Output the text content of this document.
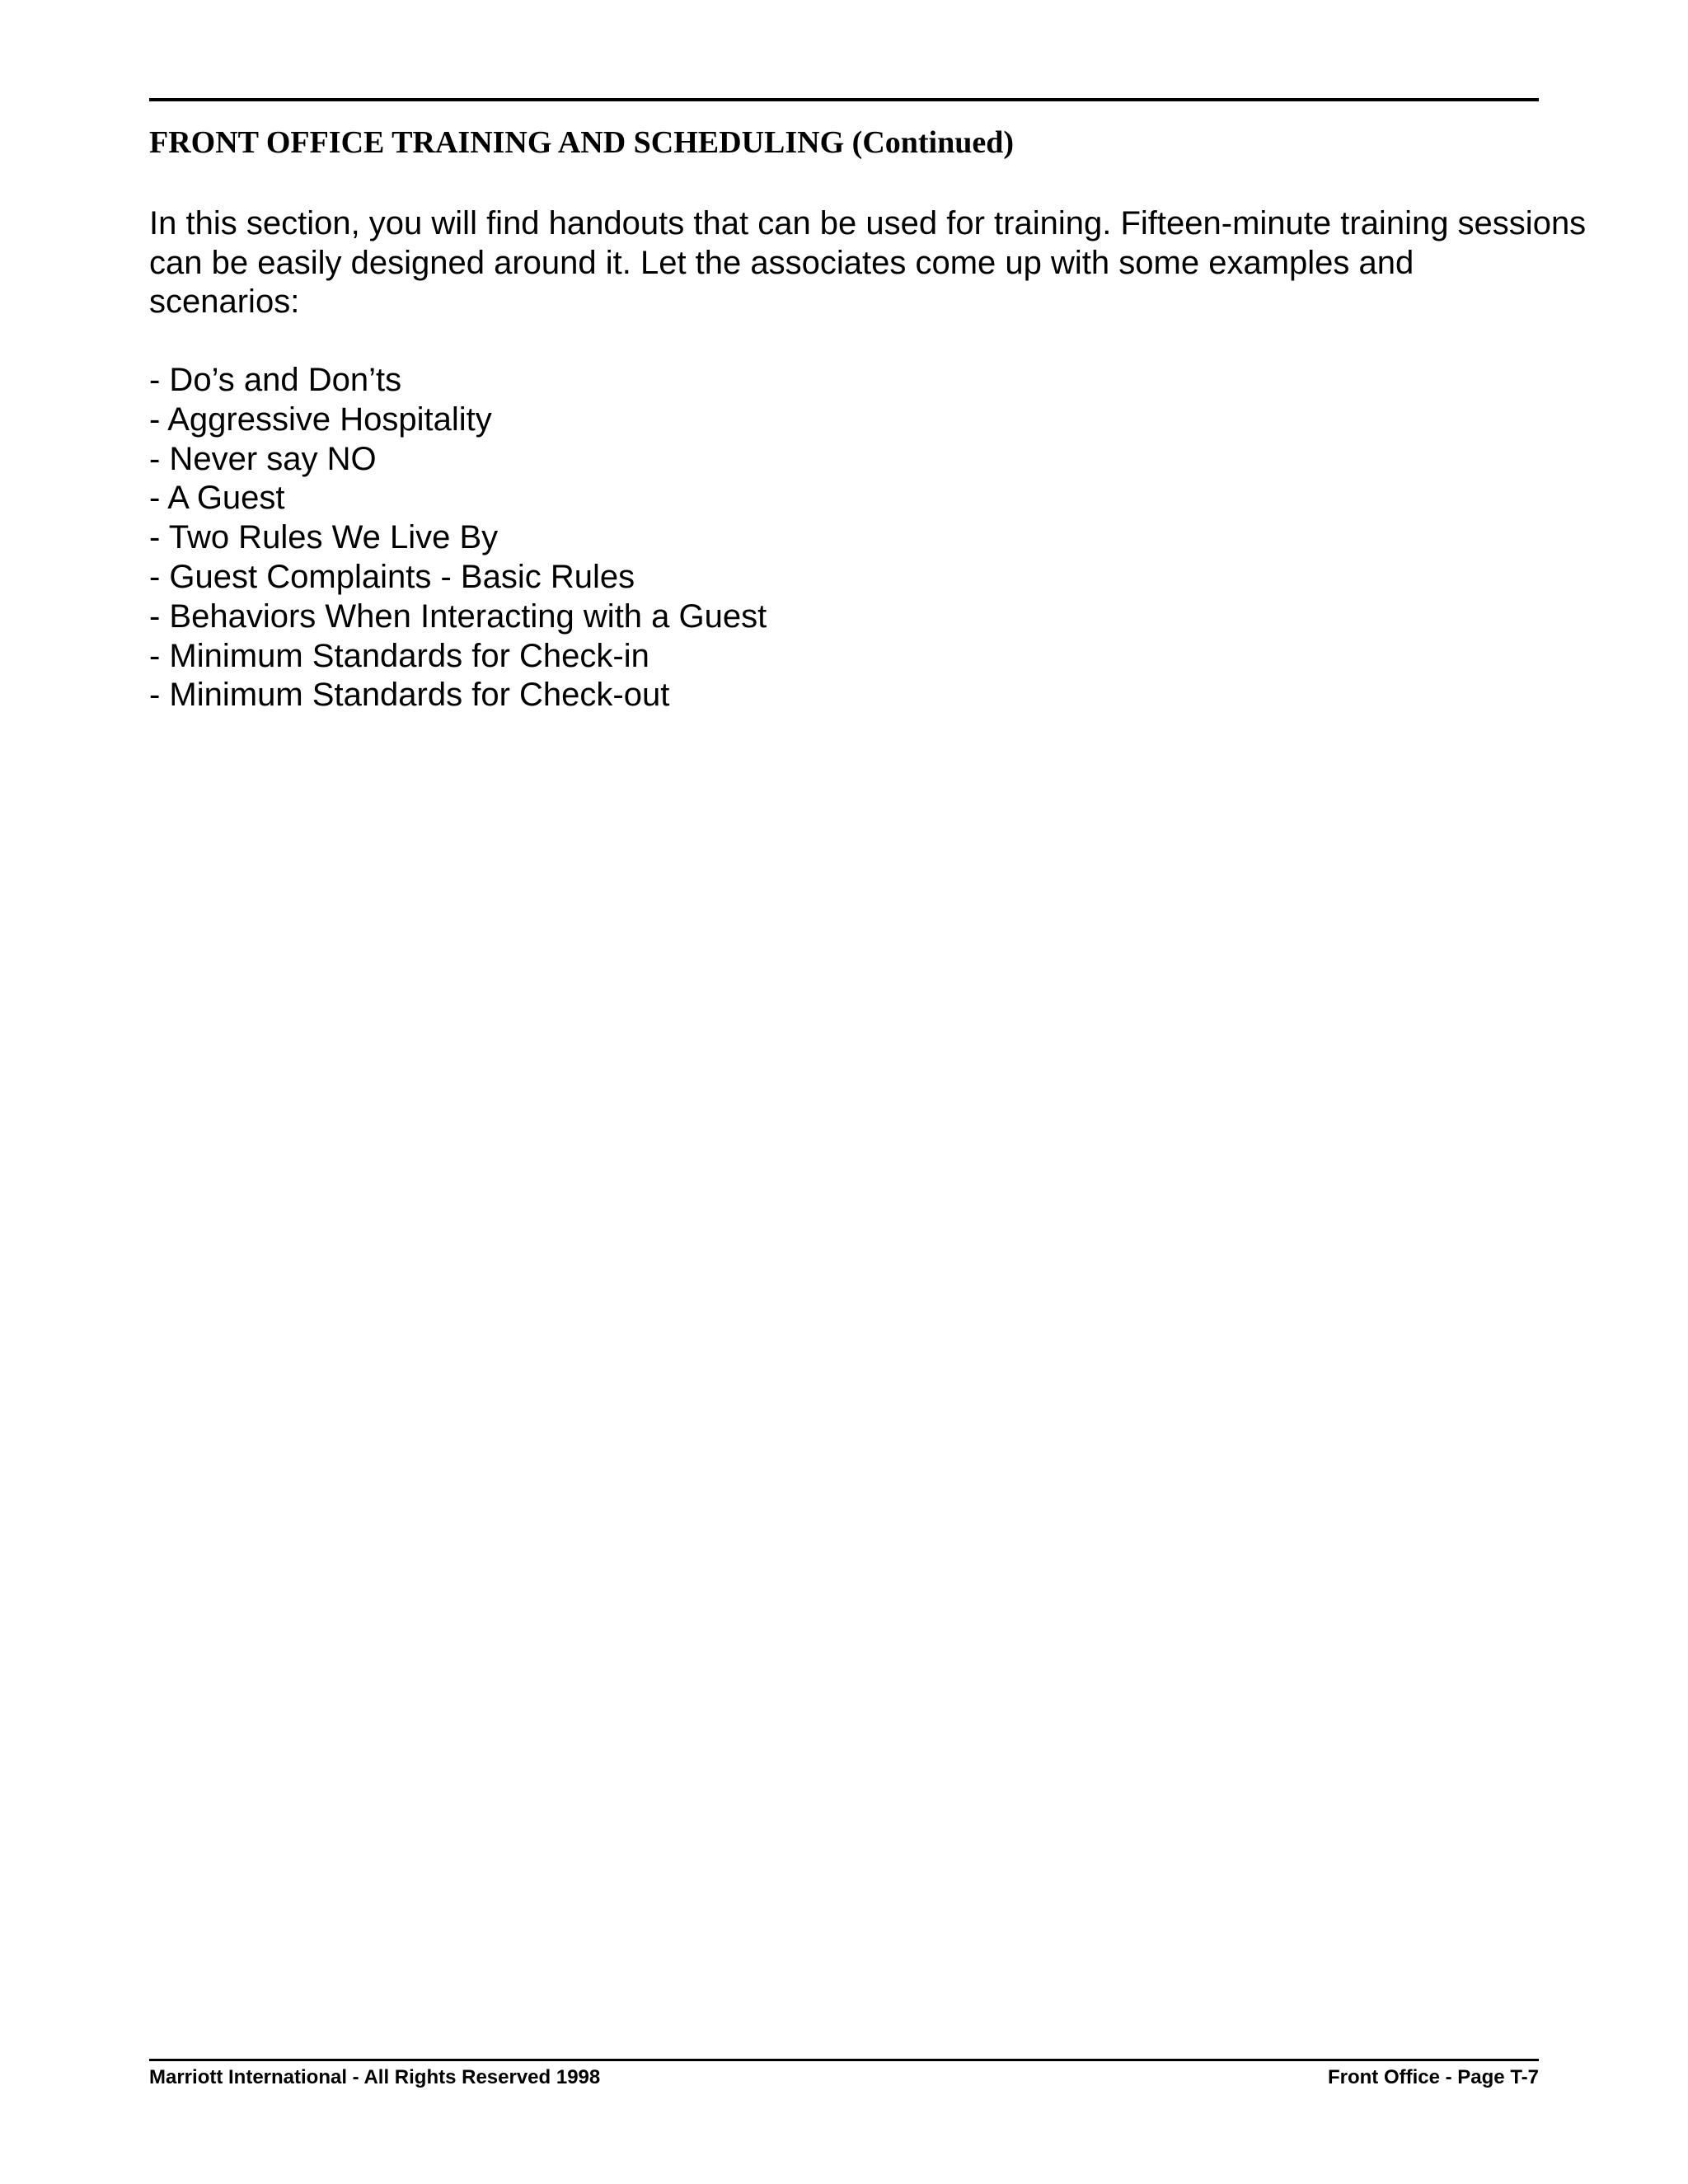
FRONT OFFICE TRAINING AND SCHEDULING (Continued)

In this section, you will find handouts that can be used for training. Fifteen-minute training sessions
can be easily designed around it. Let the associates come up with some examples and
scenarios:

- Do’s and Don’ts
- Aggressive Hospitality
- Never say NO
- A Guest
- Two Rules We Live By
- Guest Complaints - Basic Rules
- Behaviors When Interacting with a Guest
- Minimum Standards for Check-in
- Minimum Standards for Check-out
Marriott International - All Rights Reserved 1998	Front Office - Page T-7
